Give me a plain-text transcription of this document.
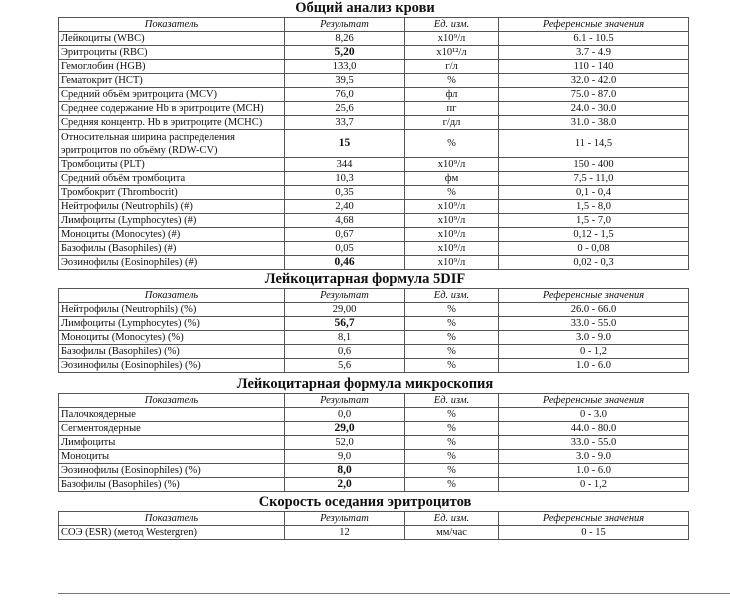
Общий анализ крови
Показатель	Результат	Ед. изм.	Референсные значения
Лейкоциты (WBC)	8,26	x10⁹/л	6.1 - 10.5
Эритроциты (RBC)	5,20	x10¹²/л	3.7 - 4.9
Гемоглобин (HGB)	133,0	г/л	110 - 140
Гематокрит (HCT)	39,5	%	32.0 - 42.0
Средний объём эритроцита (MCV)	76,0	фл	75.0 - 87.0
Среднее содержание Hb в эритроците (MCH)	25,6	пг	24.0 - 30.0
Средняя концентр. Hb в эритроците (MCHC)	33,7	г/дл	31.0 - 38.0
Относительная ширина распределения эритроцитов по объёму (RDW-CV)	15	%	11 - 14,5
Тромбоциты (PLT)	344	x10⁹/л	150 - 400
Средний объём тромбоцита	10,3	фм	7,5 - 11,0
Тромбокрит (Thrombocrit)	0,35	%	0,1 - 0,4
Нейтрофилы (Neutrophils) (#)	2,40	x10⁹/л	1,5 - 8,0
Лимфоциты (Lymphocytes) (#)	4,68	x10⁹/л	1,5 - 7,0
Моноциты (Monocytes) (#)	0,67	x10⁹/л	0,12 - 1,5
Базофилы (Basophiles) (#)	0,05	x10⁹/л	0 - 0,08
Эозинофилы (Eosinophiles) (#)	0,46	x10⁹/л	0,02 - 0,3
Лейкоцитарная формула 5DIF
Показатель	Результат	Ед. изм.	Референсные значения
Нейтрофилы (Neutrophils) (%)	29,00	%	26.0 - 66.0
Лимфоциты (Lymphocytes) (%)	56,7	%	33.0 - 55.0
Моноциты (Monocytes) (%)	8,1	%	3.0 - 9.0
Базофилы (Basophiles) (%)	0,6	%	0 - 1,2
Эозинофилы (Eosinophiles) (%)	5,6	%	1.0 - 6.0
Лейкоцитарная формула микроскопия
Показатель	Результат	Ед. изм.	Референсные значения
Палочкоядерные	0,0	%	0 - 3.0
Сегментоядерные	29,0	%	44.0 - 80.0
Лимфоциты	52,0	%	33.0 - 55.0
Моноциты	9,0	%	3.0 - 9.0
Эозинофилы (Eosinophiles) (%)	8,0	%	1.0 - 6.0
Базофилы (Basophiles) (%)	2,0	%	0 - 1,2
Скорость оседания эритроцитов
Показатель	Результат	Ед. изм.	Референсные значения
СОЭ (ESR) (метод Westergren)	12	мм/час	0 - 15
